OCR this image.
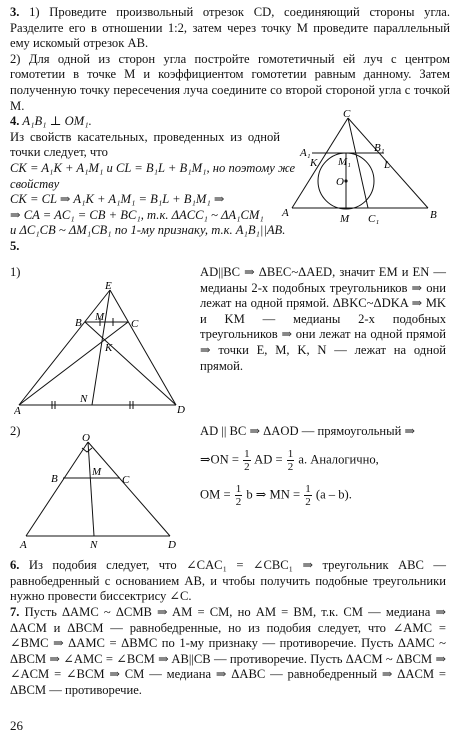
3. 1) Проведите произвольный отрезок CD, соединяющий стороны угла. Разделите его в отношении 1:2, затем через точку M проведите параллельный ему искомый отрезок AB.
2) Для одной из сторон угла постройте гомотетичный ей луч с центром гомотетии в точке M и коэффициентом гомотетии равным данному. Затем полученную точку пересечения луча соедините со второй стороной угла с точкой M.
4. A₁B₁ ⊥ OM₁.
Из свойств касательных, проведенных из одной точки следует, что
CK = A₁K + A₁M₁ и CL = B₁L + B₁M₁, но поэтому же свойству
CK = CL ⇒ A₁K + A₁M₁ = B₁L + B₁M₁ ⇒
⇒ CA = AC₁ = CB + BC₁, т.к. ΔACC₁ ~ ΔA₁CM₁
и ΔC₁CB ~ ΔM₁CB₁ по 1-му признаку, т.к. A₁B₁||AB.
5.
C
A₁	B₁
K M₁	L
O
A	M C₁	B
1)
E
B M
C
K
A
N
D
AD||BC ⇒ ΔBEC~ΔAED, значит EM и EN — медианы 2-х подобных треугольников ⇒ они лежат на одной прямой. ΔBKC~ΔDKA ⇒ MK и KM — медианы 2-х подобных треугольников ⇒ они лежат на одной прямой ⇒ точки E, M, K, N — лежат на одной прямой.
2)	O
B
M
C
A	N	D
AD || BC ⇒ ΔAOD — прямоугольный ⇒
⇒ON = $\frac{1}{2}$ AD = $\frac{1}{2} a$. Аналогично,
OM = $\frac{1}{2}$ b ⇒ MN = $\frac{1}{2} (a - b)$.
6. Из подобия следует, что ∠CAC₁ = ∠CBC₁ ⇒ треугольник ABC — равнобедренный с основанием AB, и чтобы получить подобные треугольники нужно провести биссектрису ∠C.
7. Пусть ΔAMC ~ ΔCMB ⇒ AM = CM, но AM = BM, т.к. CM — медиана ⇒ ΔACM и ΔBCM — равнобедренные, но из подобия следует, что ∠AMC = ∠BMC ⇒ ΔAMC = ΔBMC по 1-му признаку — противоречие. Пусть ΔAMC ~ ΔBCM ⇒ ∠AMC = ∠BCM ⇒ AB||CB — противоречие. Пусть ΔACM ~ ΔBCM ⇒ ∠ACM = ∠BCM ⇒ CM — медиана ⇒ ΔABC — равнобедренный ⇒ ΔACM = ΔBCM — противоречие.
26
